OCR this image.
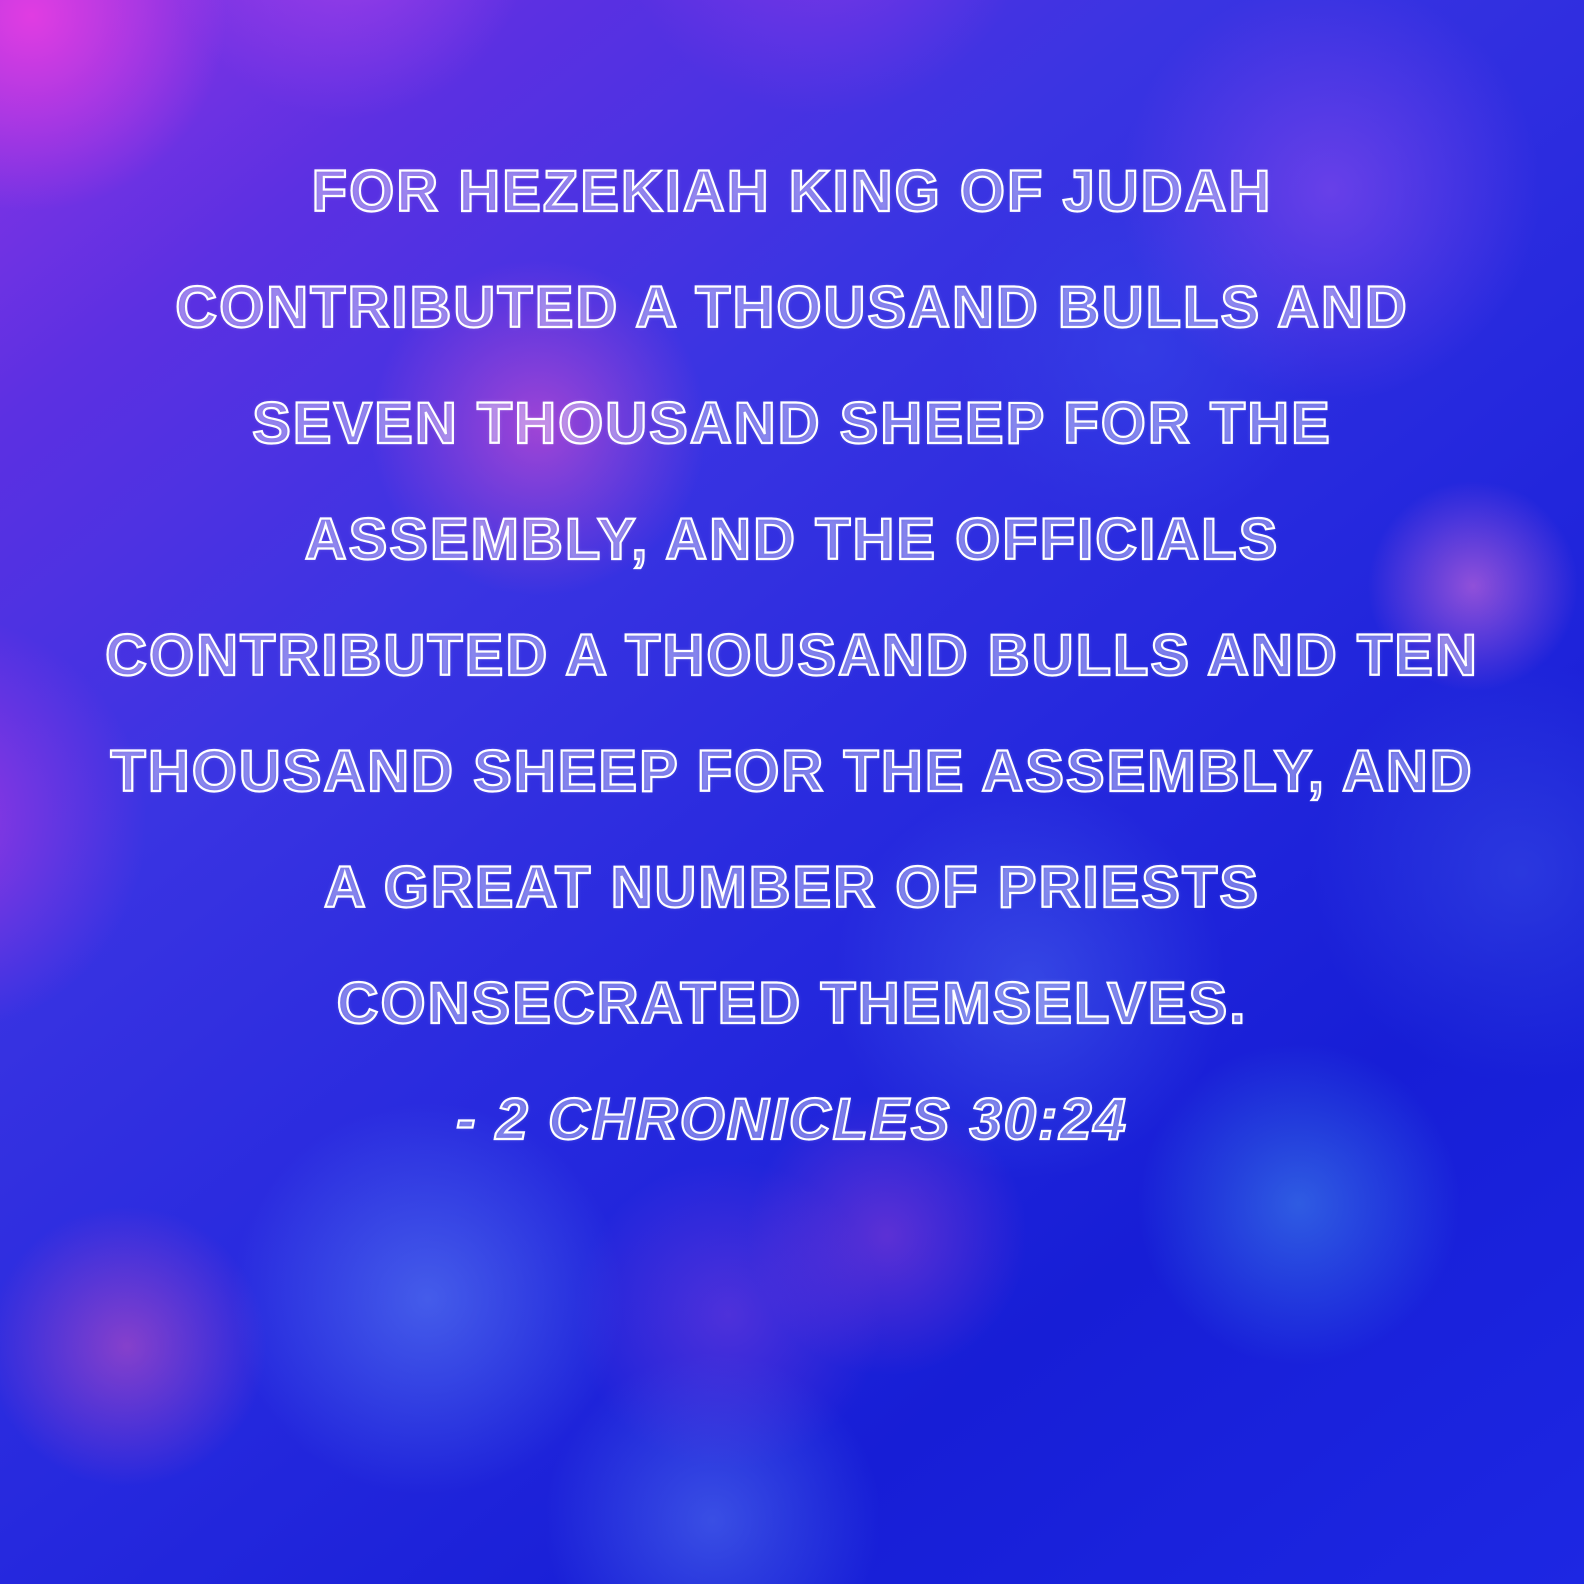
FOR HEZEKIAH KING OF JUDAH

CONTRIBUTED A THOUSAND BULLS AND

SEVEN THOUSAND SHEEP FOR THE

ASSEMBLY, AND THE OFFICIALS

CONTRIBUTED A THOUSAND BULLS AND TEN

THOUSAND SHEEP FOR THE ASSEMBLY, AND

A GREAT NUMBER OF PRIESTS

CONSECRATED THEMSELVES.

- 2 CHRONICLES 30:24
